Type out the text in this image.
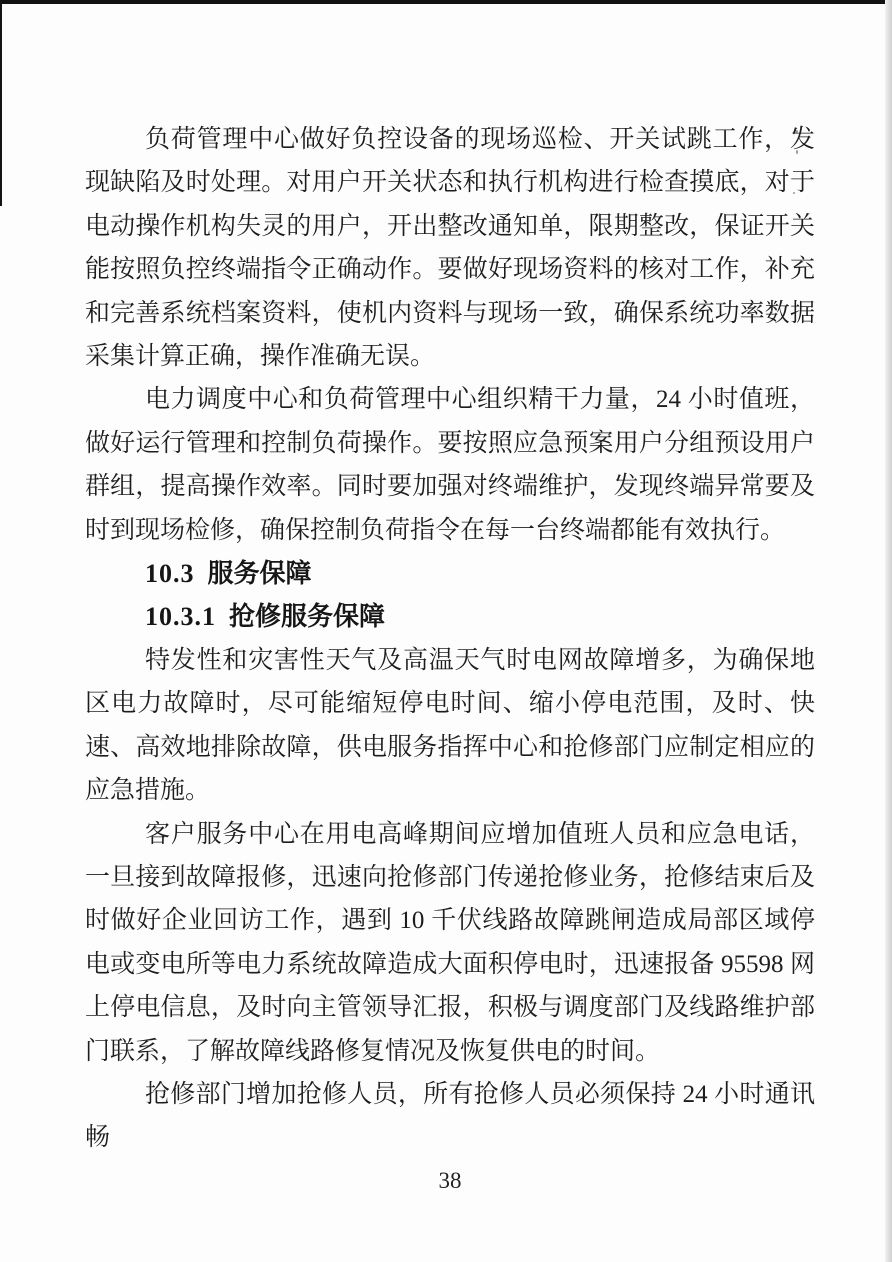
负荷管理中心做好负控设备的现场巡检、开关试跳工作，发现缺陷及时处理。对用户开关状态和执行机构进行检查摸底，对于电动操作机构失灵的用户，开出整改通知单，限期整改，保证开关能按照负控终端指令正确动作。要做好现场资料的核对工作，补充和完善系统档案资料，使机内资料与现场一致，确保系统功率数据采集计算正确，操作准确无误。

电力调度中心和负荷管理中心组织精干力量，24 小时值班，做好运行管理和控制负荷操作。要按照应急预案用户分组预设用户群组，提高操作效率。同时要加强对终端维护，发现终端异常要及时到现场检修，确保控制负荷指令在每一台终端都能有效执行。

10.3 服务保障
10.3.1 抢修服务保障

特发性和灾害性天气及高温天气时电网故障增多，为确保地区电力故障时，尽可能缩短停电时间、缩小停电范围，及时、快速、高效地排除故障，供电服务指挥中心和抢修部门应制定相应的应急措施。

客户服务中心在用电高峰期间应增加值班人员和应急电话，一旦接到故障报修，迅速向抢修部门传递抢修业务，抢修结束后及时做好企业回访工作，遇到 10 千伏线路故障跳闸造成局部区域停电或变电所等电力系统故障造成大面积停电时，迅速报备 95598 网上停电信息，及时向主管领导汇报，积极与调度部门及线路维护部门联系，了解故障线路修复情况及恢复供电的时间。

抢修部门增加抢修人员，所有抢修人员必须保持 24 小时通讯畅

38
